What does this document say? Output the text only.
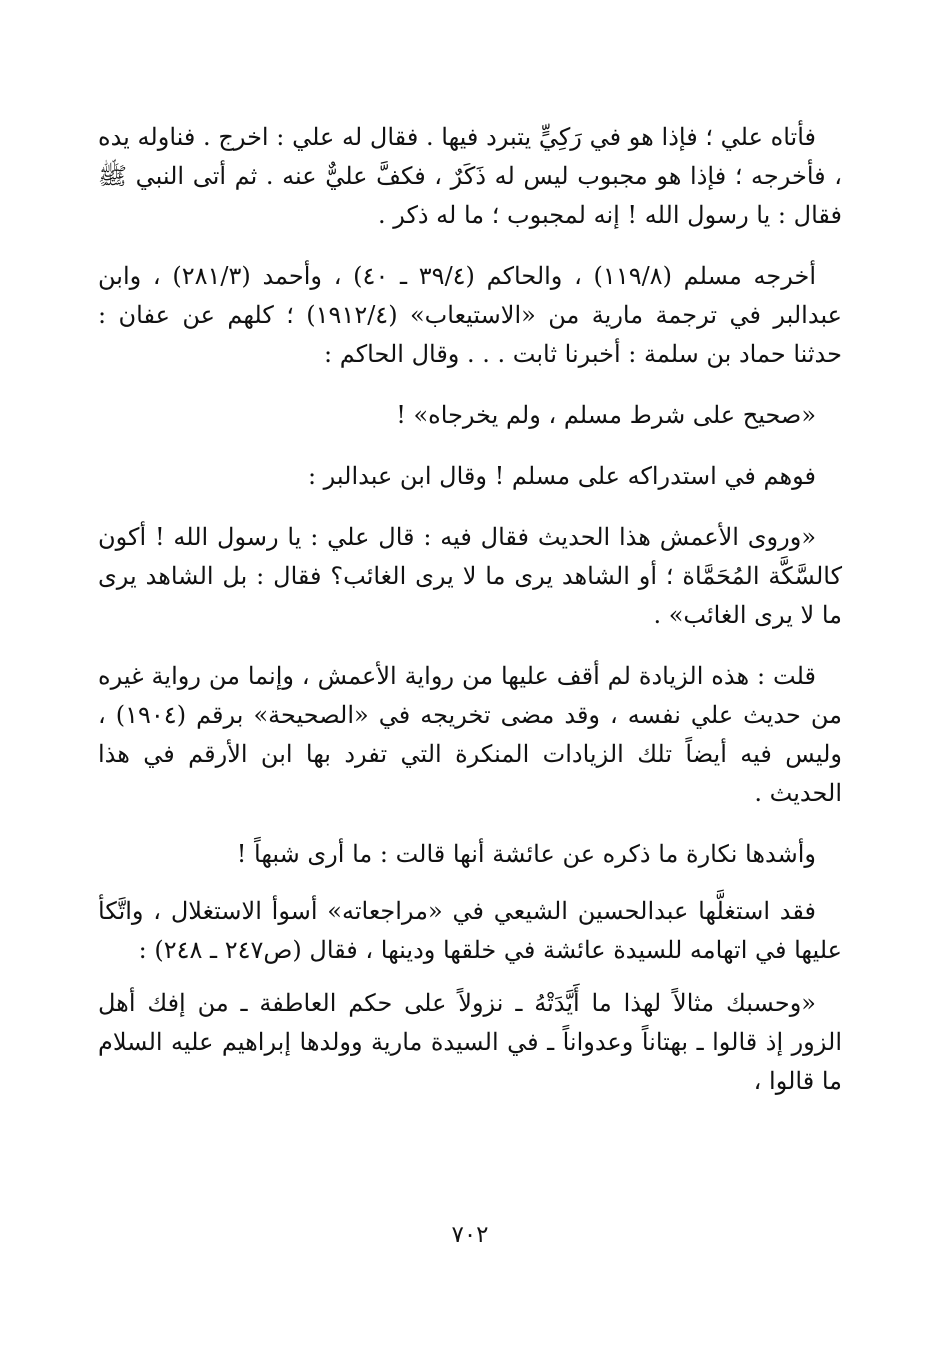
فأتاه علي ؛ فإذا هو في رَكِيٍّ يتبرد فيها . فقال له علي : اخرج . فناوله يده ، فأخرجه ؛ فإذا هو مجبوب ليس له ذَكَرٌ ، فكفَّ عليٌّ عنه . ثم أتى النبي ﷺ فقال : يا رسول الله ! إنه لمجبوب ؛ ما له ذكر .

أخرجه مسلم (١١٩/٨) ، والحاكم (٣٩/٤ ـ ٤٠) ، وأحمد (٢٨١/٣) ، وابن عبدالبر في ترجمة مارية من «الاستيعاب» (١٩١٢/٤) ؛ كلهم عن عفان : حدثنا حماد بن سلمة : أخبرنا ثابت . . . وقال الحاكم :

«صحيح على شرط مسلم ، ولم يخرجاه» !

فوهم في استدراكه على مسلم ! وقال ابن عبدالبر :

«وروى الأعمش هذا الحديث فقال فيه : قال علي : يا رسول الله ! أكون كالسَّكَّة المُحَمَّاة ؛ أو الشاهد يرى ما لا يرى الغائب؟ فقال : بل الشاهد يرى ما لا يرى الغائب» .

قلت : هذه الزيادة لم أقف عليها من رواية الأعمش ، وإنما من رواية غيره من حديث علي نفسه ، وقد مضى تخريجه في «الصحيحة» برقم (١٩٠٤) ، وليس فيه أيضاً تلك الزيادات المنكرة التي تفرد بها ابن الأرقم في هذا الحديث .

وأشدها نكارة ما ذكره عن عائشة أنها قالت : ما أرى شبهاً !

فقد استغلَّها عبدالحسين الشيعي في «مراجعاته» أسوأ الاستغلال ، واتَّكأ عليها في اتهامه للسيدة عائشة في خلقها ودينها ، فقال (ص٢٤٧ ـ ٢٤٨) :

«وحسبك مثالاً لهذا ما أَيَّدَتْهُ ـ نزولاً على حكم العاطفة ـ من إفك أهل الزور إذ قالوا ـ بهتاناً وعدواناً ـ في السيدة مارية وولدها إبراهيم عليه السلام ما قالوا ،

٧٠٢
